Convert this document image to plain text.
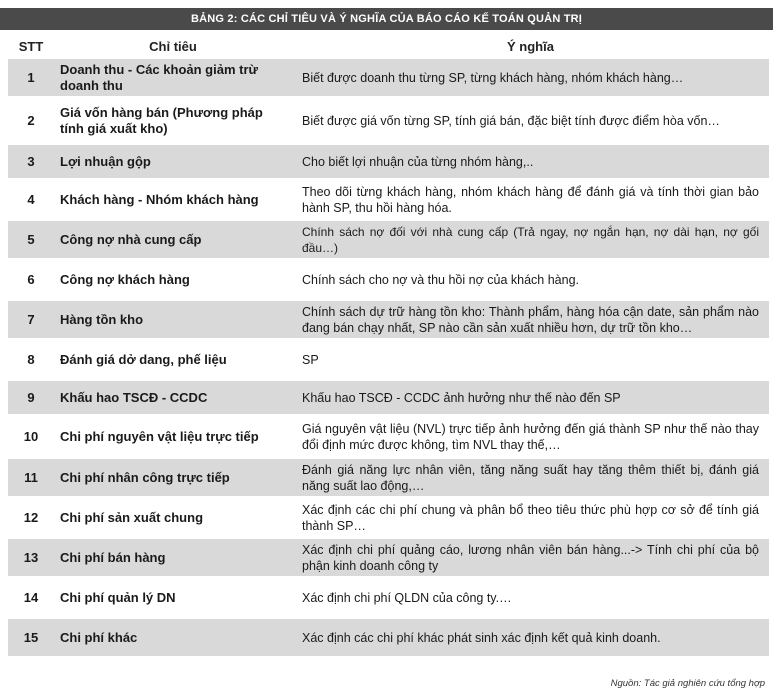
BẢNG 2: CÁC CHỈ TIÊU VÀ Ý NGHĨA CỦA BÁO CÁO KẾ TOÁN QUẢN TRỊ
STT	Chỉ tiêu	Ý nghĩa
1	Doanh thu - Các khoản giảm trừ doanh thu	Biết được doanh thu từng SP, từng khách hàng, nhóm khách hàng…
2	Giá vốn hàng bán (Phương pháp tính giá xuất kho)	Biết được giá vốn từng SP, tính giá bán, đặc biệt tính được điểm hòa vốn…
3	Lợi nhuận gộp	Cho biết lợi nhuận của từng nhóm hàng,..
4	Khách hàng - Nhóm khách hàng	Theo dõi từng khách hàng, nhóm khách hàng để đánh giá và tính thời gian bảo hành SP, thu hồi hàng hóa.
5	Công nợ nhà cung cấp	Chính sách nợ đối với nhà cung cấp (Trả ngay, nợ ngắn hạn, nợ dài hạn, nợ gối đầu…)
6	Công nợ khách hàng	Chính sách cho nợ và thu hồi nợ của khách hàng.
7	Hàng tồn kho	Chính sách dự trữ hàng tồn kho: Thành phẩm, hàng hóa cận date, sản phẩm nào đang bán chạy nhất, SP nào cần sản xuất nhiều hơn, dự trữ tồn kho…
8	Đánh giá dở dang, phế liệu	SP
9	Khấu hao TSCĐ - CCDC	Khấu hao TSCĐ - CCDC ảnh hưởng như thế nào đến SP
10	Chi phí nguyên vật liệu trực tiếp	Giá nguyên vật liệu (NVL) trực tiếp ảnh hưởng đến giá thành SP như thế nào thay đổi định mức được không, tìm NVL thay thế,…
11	Chi phí nhân công trực tiếp	Đánh giá năng lực nhân viên, tăng năng suất hay tăng thêm thiết bị, đánh giá năng suất lao động,…
12	Chi phí sản xuất chung	Xác định các chi phí chung và phân bổ theo tiêu thức phù hợp cơ sở để tính giá thành SP…
13	Chi phí bán hàng	Xác định chi phí quảng cáo, lương nhân viên bán hàng...-> Tính chi phí của bộ phận kinh doanh công ty
14	Chi phí quản lý DN	Xác định chi phí QLDN của công ty.…
15	Chi phí khác	Xác định các chi phí khác phát sinh xác định kết quả kinh doanh.
Nguồn: Tác giả nghiên cứu tổng hợp
